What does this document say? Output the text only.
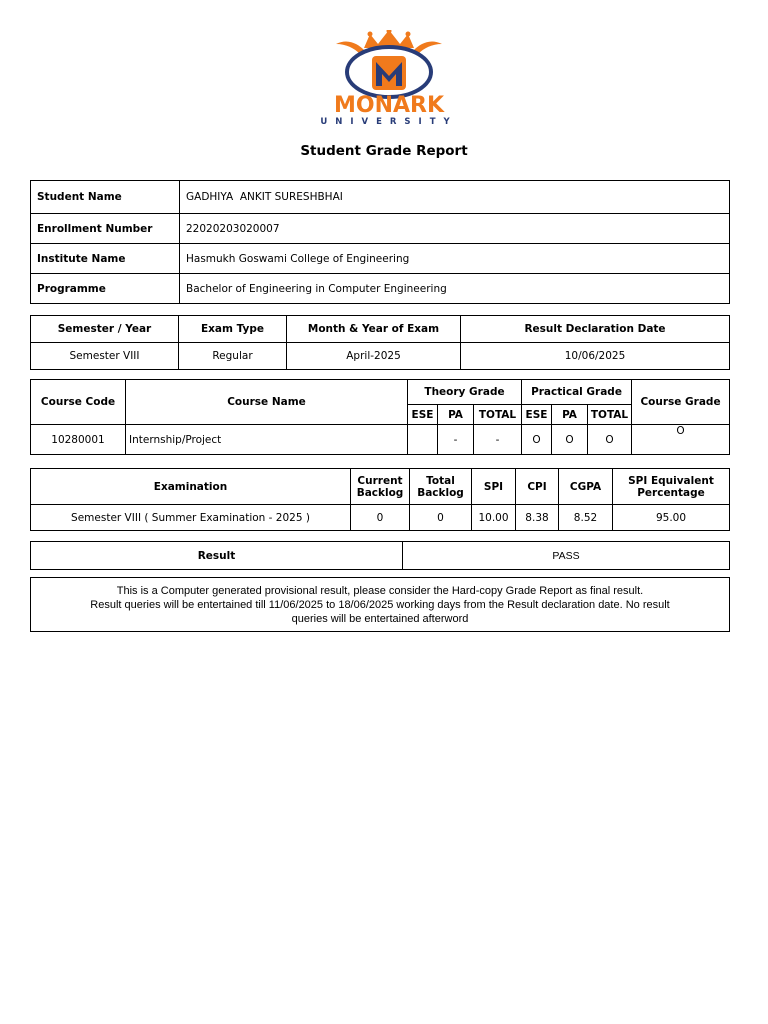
MONARK
UNIVERSITY
Student Grade Report
Student Name	GADHIYA  ANKIT SURESHBHAI
Enrollment Number	22020203020007
Institute Name	Hasmukh Goswami College of Engineering
Programme	Bachelor of Engineering in Computer Engineering
Semester / Year	Exam Type	Month & Year of Exam	Result Declaration Date
Semester VIII	Regular	April-2025	10/06/2025
Course Code	Course Name	Theory Grade			Practical Grade			Course Grade
		ESE	PA	TOTAL	ESE	PA	TOTAL	
10280001	Internship/Project		-	-	O	O	O	O
Examination	Current Backlog	Total Backlog	SPI	CPI	CGPA	SPI Equivalent Percentage
Semester VIII ( Summer Examination - 2025 )	0	0	10.00	8.38	8.52	95.00
Result	PASS
This is a Computer generated provisional result, please consider the Hard-copy Grade Report as final result.
Result queries will be entertained till 11/06/2025 to 18/06/2025 working days from the Result declaration date. No result
queries will be entertained afterword
